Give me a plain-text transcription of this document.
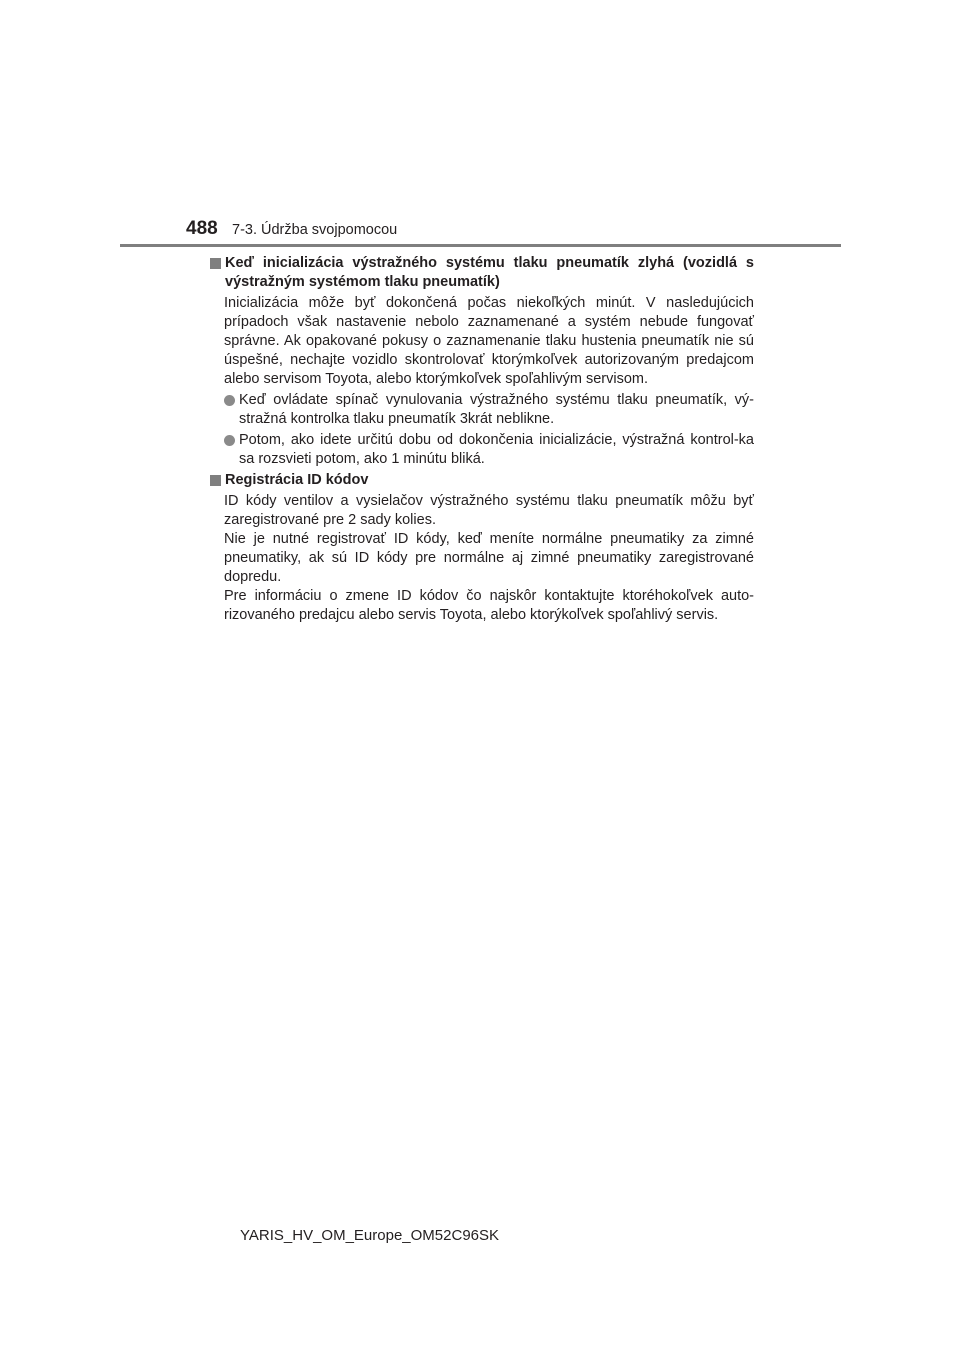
488 7-3. Údržba svojpomocou
Keď inicializácia výstražného systému tlaku pneumatík zlyhá (vozidlá s výstražným systémom tlaku pneumatík)
Inicializácia môže byť dokončená počas niekoľkých minút. V nasledujúcich prípadoch však nastavenie nebolo zaznamenané a systém nebude fungovať správne. Ak opakované pokusy o zaznamenanie tlaku hustenia pneumatík nie sú úspešné, nechajte vozidlo skontrolovať ktorýmkoľvek autorizovaným predajcom alebo servisom Toyota, alebo ktorýmkoľvek spoľahlivým servisom.
Keď ovládate spínač vynulovania výstražného systému tlaku pneumatík, vý-stražná kontrolka tlaku pneumatík 3krát neblikne.
Potom, ako idete určitú dobu od dokončenia inicializácie, výstražná kontrol-ka sa rozsvieti potom, ako 1 minútu bliká.
Registrácia ID kódov
ID kódy ventilov a vysielačov výstražného systému tlaku pneumatík môžu byť zaregistrované pre 2 sady kolies.
Nie je nutné registrovať ID kódy, keď meníte normálne pneumatiky za zimné pneumatiky, ak sú ID kódy pre normálne aj zimné pneumatiky zaregistrované dopredu.
Pre informáciu o zmene ID kódov čo najskôr kontaktujte ktoréhokoľvek auto-rizovaného predajcu alebo servis Toyota, alebo ktorýkoľvek spoľahlivý servis.
YARIS_HV_OM_Europe_OM52C96SK
